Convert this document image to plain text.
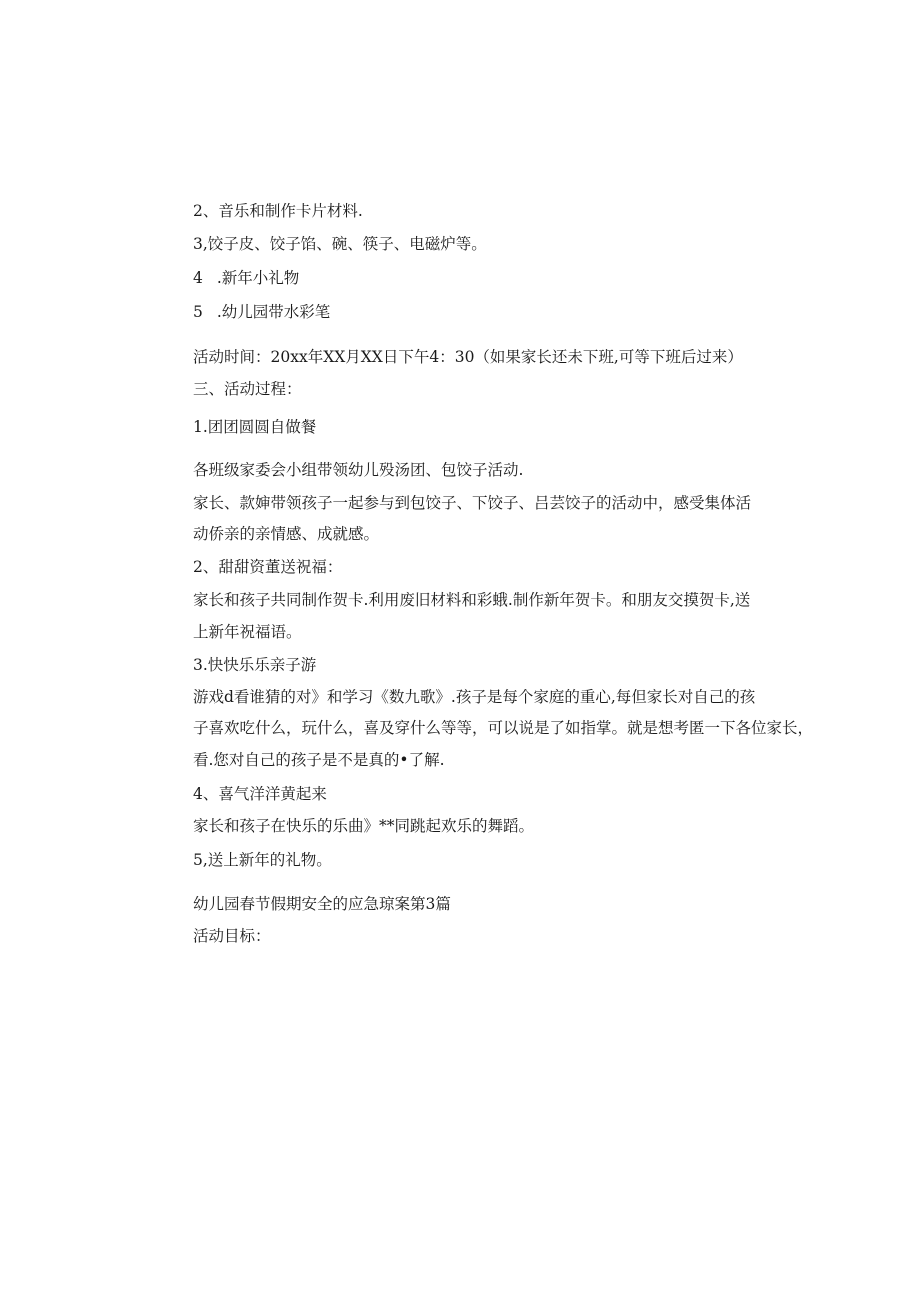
2、音乐和制作卡片材料.
3,饺子皮、饺子馅、碗、筷子、电磁炉等。
4 .新年小礼物
5 .幼儿园带水彩笔
活动时间：20xx年XX月XX日下午4：30（如果家长还未下班,可等下班后过来）
三、活动过程：
1.团团圆圆自做餐
各班级家委会小组带领幼儿殁汤团、包饺子活动.
家长、款婶带领孩子一起参与到包饺子、下饺子、吕芸饺子的活动中，感受集体活
动侨亲的亲情感、成就感。
2、甜甜资董送祝福：
家长和孩子共同制作贺卡.利用废旧材料和彩蛾.制作新年贺卡。和朋友交摸贺卡,送
上新年祝福语。
3.快快乐乐亲子游
游戏d看谁猜的对》和学习《数九歌》.孩子是每个家庭的重心,每但家长对自己的孩
子喜欢吃什么，玩什么，喜及穿什么等等，可以说是了如指掌。就是想考匿一下各位家长，
看.您对自己的孩子是不是真的•了解.
4、喜气洋洋黄起来
家长和孩子在快乐的乐曲》**同跳起欢乐的舞蹈。
5,送上新年的礼物。
幼儿园春节假期安全的应急琼案第3篇
活动目标：
